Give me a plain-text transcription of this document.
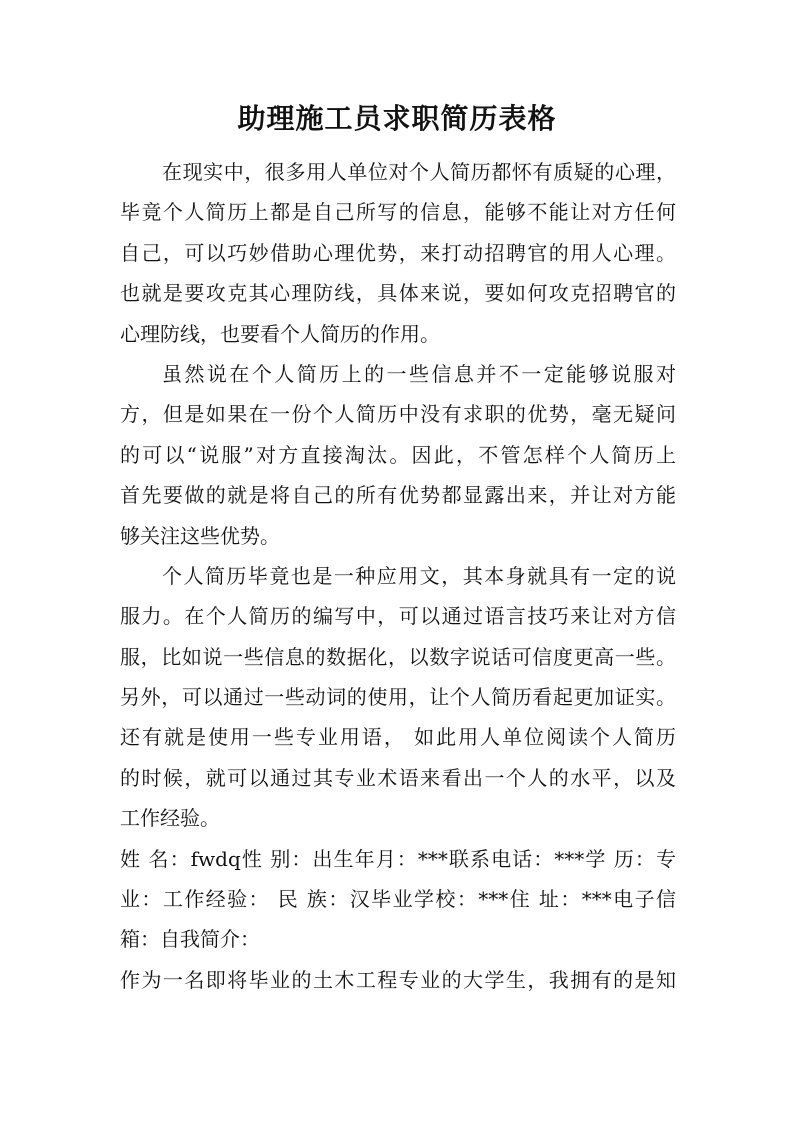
助理施工员求职简历表格
在现实中，很多用人单位对个人简历都怀有质疑的心理，
毕竟个人简历上都是自己所写的信息，能够不能让对方任何
自己，可以巧妙借助心理优势，来打动招聘官的用人心理。
也就是要攻克其心理防线，具体来说，要如何攻克招聘官的
心理防线，也要看个人简历的作用。
虽然说在个人简历上的一些信息并不一定能够说服对
方，但是如果在一份个人简历中没有求职的优势，毫无疑问
的可以“说服”对方直接淘汰。因此，不管怎样个人简历上
首先要做的就是将自己的所有优势都显露出来，并让对方能
够关注这些优势。
个人简历毕竟也是一种应用文，其本身就具有一定的说
服力。在个人简历的编写中，可以通过语言技巧来让对方信
服，比如说一些信息的数据化，以数字说话可信度更高一些。
另外，可以通过一些动词的使用，让个人简历看起更加证实。
还有就是使用一些专业用语， 如此用人单位阅读个人简历
的时候，就可以通过其专业术语来看出一个人的水平，以及
工作经验。
姓 名：fwdq性 别：出生年月：***联系电话：***学 历：专
业：工作经验： 民 族：汉毕业学校：***住 址：***电子信
箱：自我简介：
作为一名即将毕业的土木工程专业的大学生，我拥有的是知
